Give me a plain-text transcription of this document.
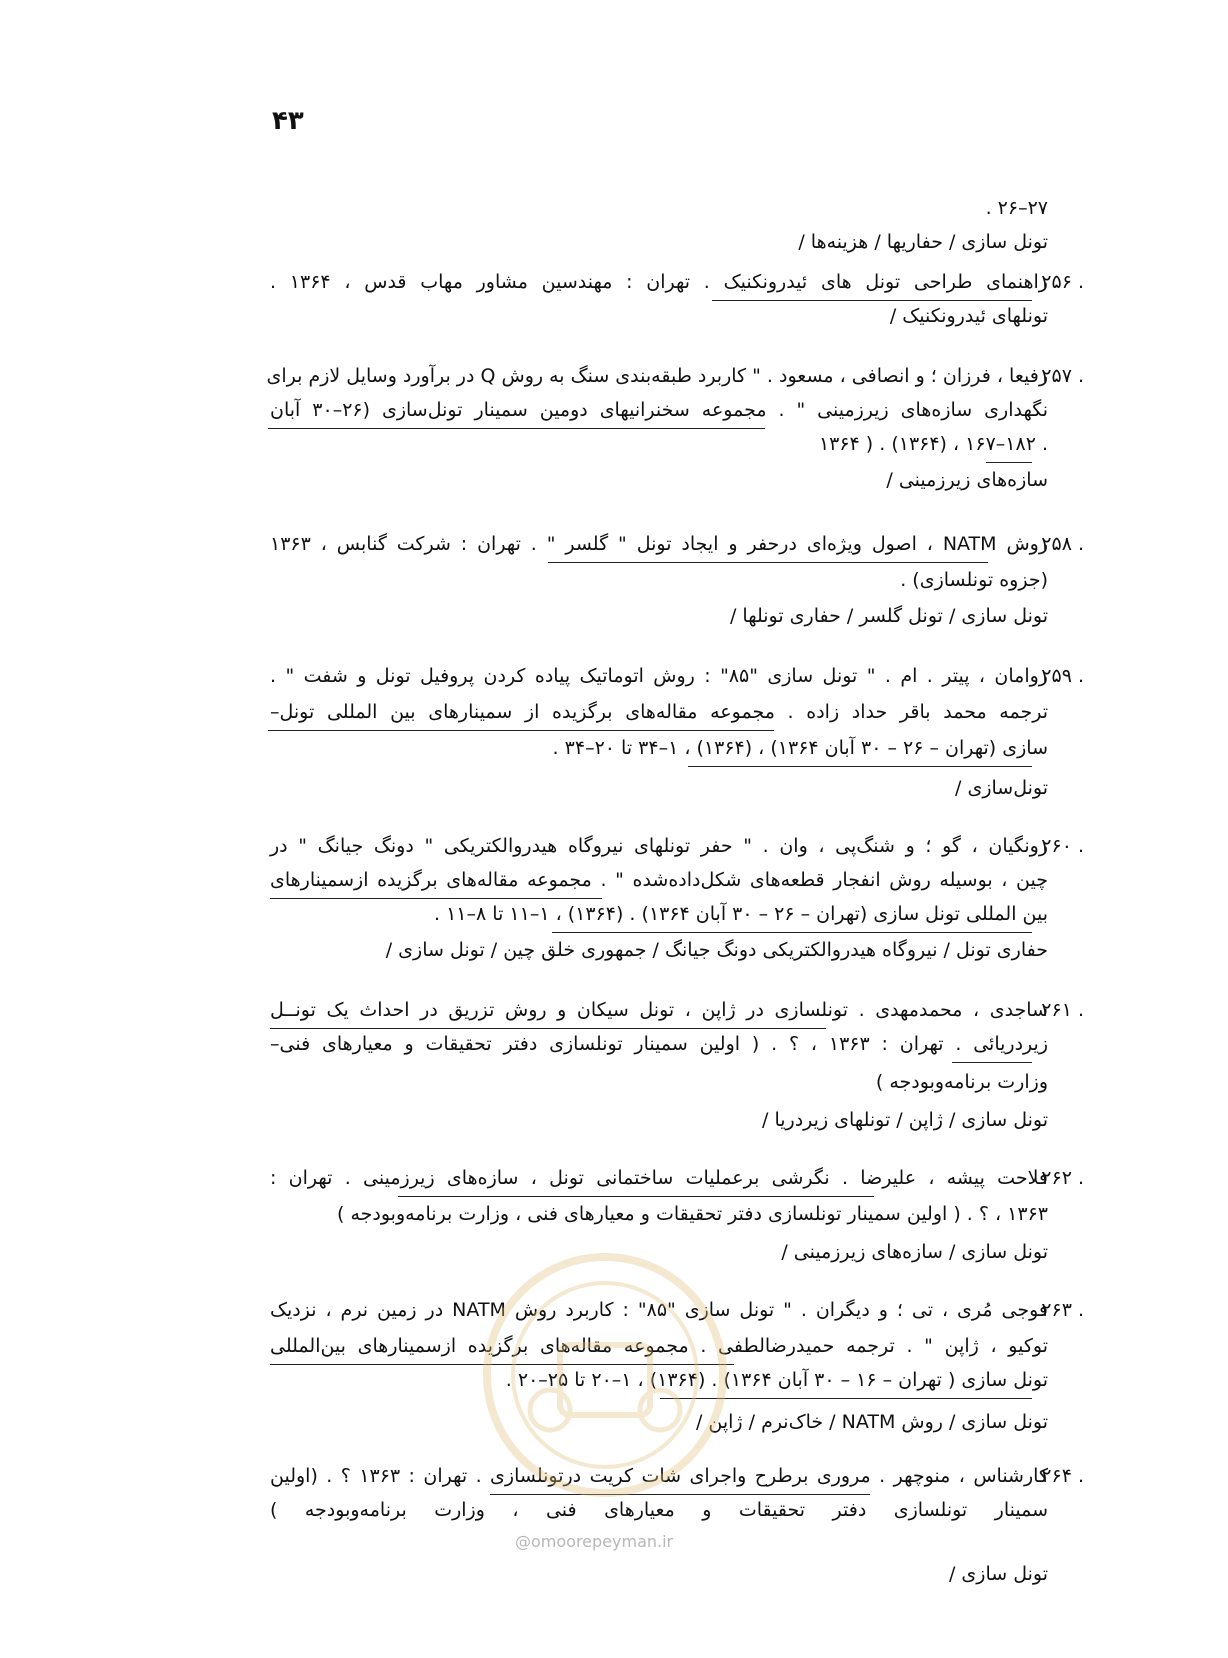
۴۳
. ۲۶–۲۷
تونل سازی / حفاریها / هزینه‌ها /
۲۵۶ .
راهنمای طراحی تونل های ئیدرونکنیک . تهران : مهندسین مشاور مهاب قدس ، ۱۳۶۴ .
تونلهای ئیدرونکنیک /
۲۵۷ .
رفیعا ، فرزان ؛ و انصافی ، مسعود . " کاربرد طبقه‌بندی سنگ به روش Q در برآورد وسایل لازم برای
نگهداری سازه‌های زیرزمینی " . مجموعه سخنرانیهای دومین سمینار تونل‌سازی (۲۶–۳۰ آبان
۱۳۶۴ ) . (۱۳۶۴) ، ۱۶۷–۱۸۲ .
سازه‌های زیرزمینی /
۲۵۸ .
روش NATM ، اصول ویژه‌ای درحفر و ایجاد تونل " گلسر " . تهران : شرکت گنابس ، ۱۳۶۳
(جزوه تونلسازی) .
تونل سازی / تونل گلسر / حفاری تونلها /
۲۵۹ .
زوامان ، پیتر . ام . " تونل سازی "۸۵" : روش اتوماتیک پیاده کردن پروفیل تونل و شفت " .
ترجمه محمد باقر حداد زاده . مجموعه مقاله‌های برگزیده از سمینارهای بین المللی تونل–
سازی (تهران – ۲۶ – ۳۰ آبان ۱۳۶۴) ، (۱۳۶۴) ، ۱–۳۴ تا ۲۰–۳۴ .
تونل‌سازی /
۲۶۰ .
زونگیان ، گو ؛ و شنگ‌پی ، وان . " حفر تونلهای نیروگاه هیدروالکتریکی " دونگ جیانگ " در
چین ، بوسیله روش انفجار قطعه‌های شکل‌داده‌شده " . مجموعه مقاله‌های برگزیده ازسمینارهای
بین المللی تونل سازی (تهران – ۲۶ – ۳۰ آبان ۱۳۶۴) . (۱۳۶۴) ، ۱–۱۱ تا ۸–۱۱ .
حفاری تونل / نیروگاه هیدروالکتریکی دونگ جیانگ / جمهوری خلق چین / تونل سازی /
۲۶۱ .
ساجدی ، محمدمهدی . تونلسازی در ژاپن ، تونل سیکان و روش تزریق در احداث یک تونــل
زیردریائی . تهران : ۱۳۶۳ ، ؟ . ( اولین سمینار تونلسازی دفتر تحقیقات و معیارهای فنی–
وزارت برنامه‌وبودجه )
تونل سازی / ژاپن / تونلهای زیردریا /
۲۶۲ .
فلاحت پیشه ، علیرضا . نگرشی برعملیات ساختمانی تونل ، سازه‌های زیرزمینی . تهران :
۱۳۶۳ ، ؟ . ( اولین سمینار تونلسازی دفتر تحقیقات و معیارهای فنی ، وزارت برنامه‌وبودجه )
تونل سازی / سازه‌های زیرزمینی /
۲۶۳ .
فوجی مُری ، تی ؛ و دیگران . " تونل سازی "۸۵" : کاربرد روش NATM در زمین نرم ، نزدیک
توکیو ، ژاپن " . ترجمه حمیدرضالطفی . مجموعه مقاله‌های برگزیده ازسمینارهای بین‌المللی
تونل سازی ( تهران – ۱۶ – ۳۰ آبان ۱۳۶۴) . (۱۳۶۴) ، ۱–۲۰ تا ۲۵–۲۰ .
تونل سازی / روش NATM / خاک‌نرم / ژاپن /
۲۶۴ .
کارشناس ، منوچهر . مروری برطرح واجرای شات کریت درتونلسازی . تهران : ۱۳۶۳ ؟ . (اولین
سمینار تونلسازی دفتر تحقیقات و معیارهای فنی ، وزارت برنامه‌وبودجه )
تونل سازی /
@omoorepeyman.ir
